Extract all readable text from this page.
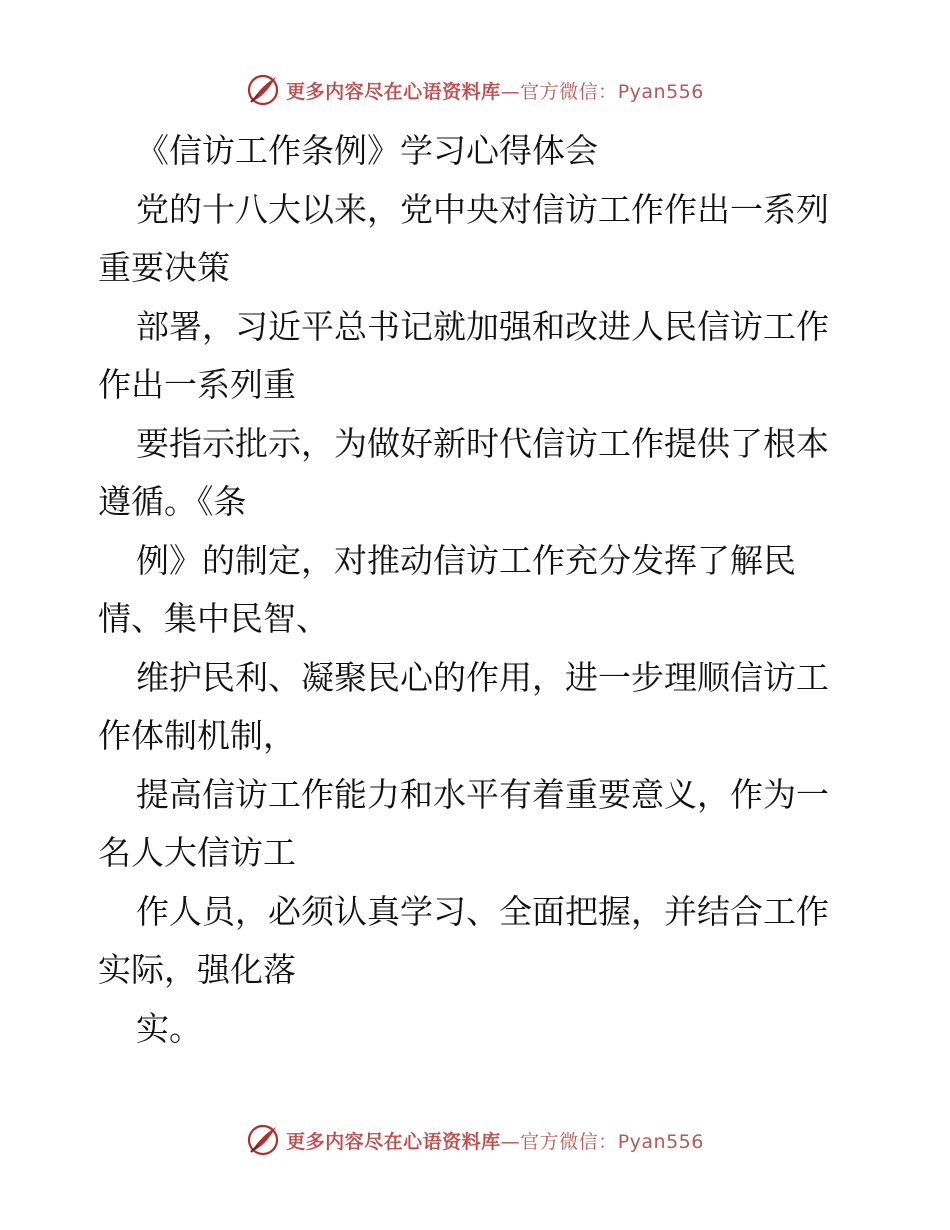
更多内容尽在心语资料库—官方微信：Pyan556
《信访工作条例》学习心得体会
党的十八大以来，党中央对信访工作作出一系列
重要决策
部署，习近平总书记就加强和改进人民信访工作
作出一系列重
要指示批示，为做好新时代信访工作提供了根本
遵循。《条
例》的制定，对推动信访工作充分发挥了解民
情、集中民智、
维护民利、凝聚民心的作用，进一步理顺信访工
作体制机制，
提高信访工作能力和水平有着重要意义，作为一
名人大信访工
作人员，必须认真学习、全面把握，并结合工作
实际，强化落
实。
更多内容尽在心语资料库—官方微信：Pyan556
